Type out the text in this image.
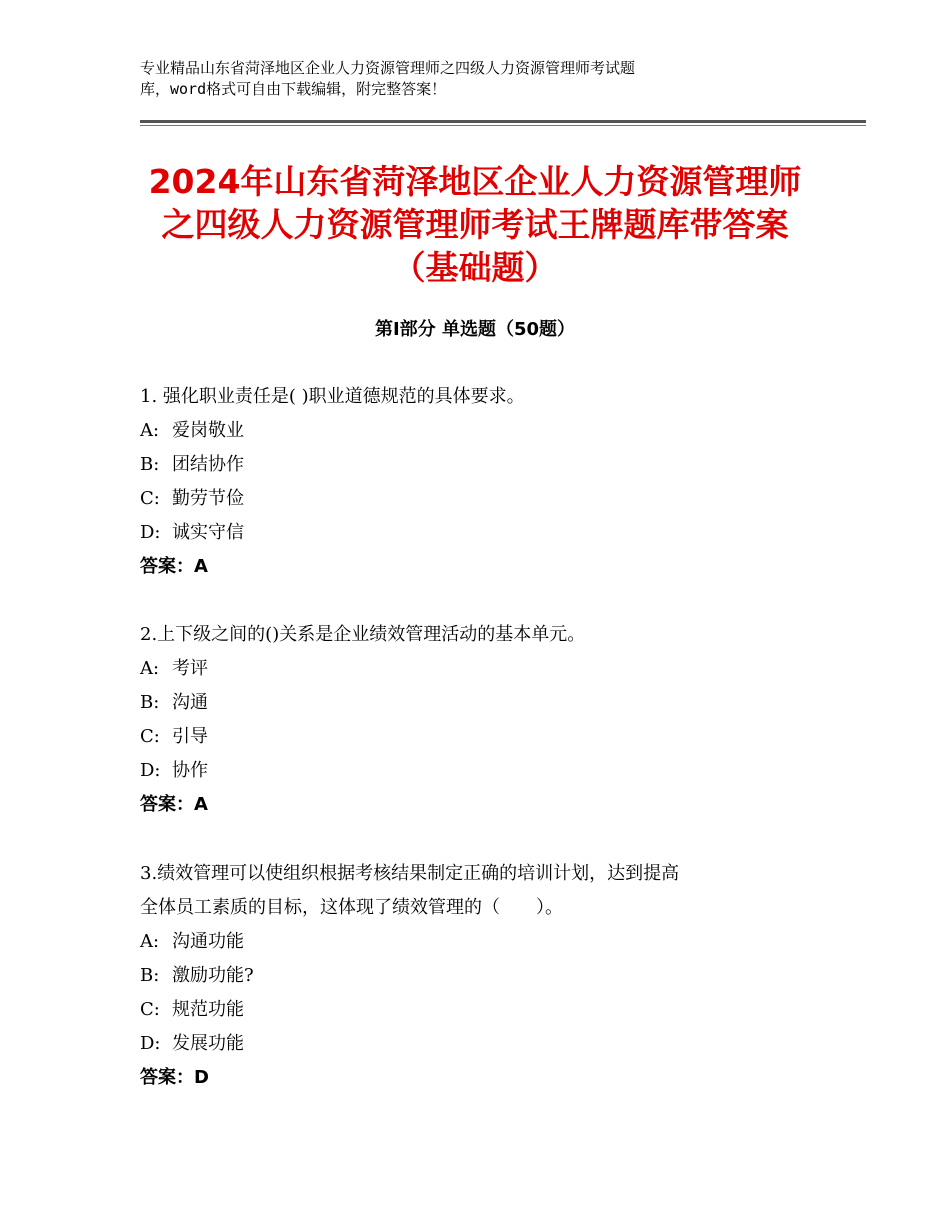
专业精品山东省菏泽地区企业人力资源管理师之四级人力资源管理师考试题
库，word格式可自由下载编辑，附完整答案！
2024年山东省菏泽地区企业人力资源管理师
之四级人力资源管理师考试王牌题库带答案
（基础题）
第Ⅰ部分 单选题（50题）
1. 强化职业责任是( )职业道德规范的具体要求。
A: 爱岗敬业
B: 团结协作
C: 勤劳节俭
D: 诚实守信
答案：A
2.上下级之间的()关系是企业绩效管理活动的基本单元。
A: 考评
B: 沟通
C: 引导
D: 协作
答案：A
3.绩效管理可以使组织根据考核结果制定正确的培训计划，达到提高
全体员工素质的目标，这体现了绩效管理的（　　）。
A: 沟通功能
B: 激励功能?
C: 规范功能
D: 发展功能
答案：D
